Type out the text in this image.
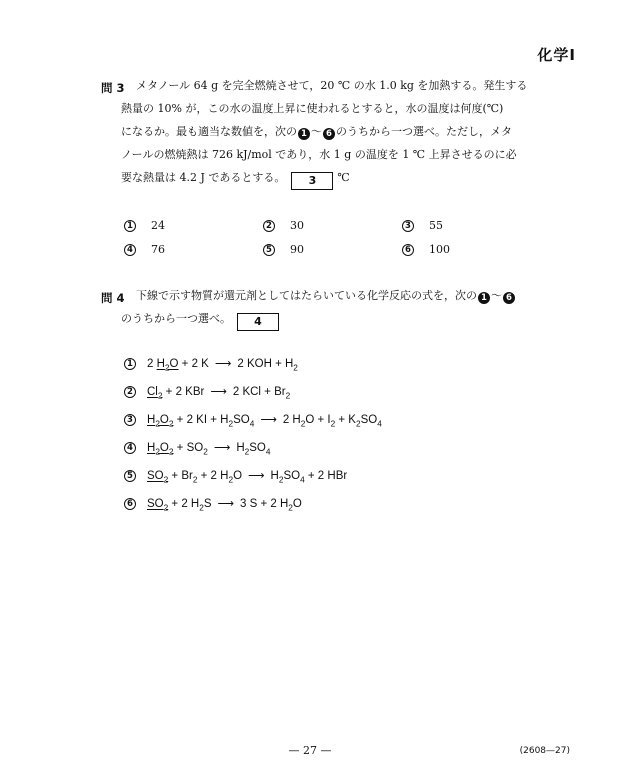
化学Ⅰ
問 3 メタノール 64 g を完全燃焼させて，20 ℃ の水 1.0 kg を加熱する。発生する
熱量の 10% が，この水の温度上昇に使われるとすると，水の温度は何度(℃)
になるか。最も適当な数値を，次の 1 〜 6 のうちから一つ選べ。ただし，メタ
ノールの燃焼熱は 726 kJ/mol であり，水 1 g の温度を 1 ℃ 上昇させるのに必
要な熱量は 4.2 J であるとする。 3 ℃
1 24	2 30	3 55
4 76	5 90	6 100
問 4 下線で示す物質が還元剤としてはたらいている化学反応の式を，次の 1 〜 6
のうちから一つ選べ。 4
1 2 $H_2O + 2$ K ⟶ 2 KOH + $H_2$
2 $Cl_2 + 2$ KBr ⟶ 2 KCl + $Br_2$
3 $H_2O_2 + 2$ KI + $H_2SO_4$ ⟶ 2 $H_2O + I_2 + K_2SO_4$
4 $H_2O_2 + SO_2$ ⟶ $H_2SO_4$
5 $SO_2 + Br_2 + 2$ $H_2O$ ⟶ $H_2SO_4 + 2$ HBr
6 $SO_2 + 2$ $H_2S$ ⟶ 3 S + 2 $H_2O$
— 27 —	(2608—27)
